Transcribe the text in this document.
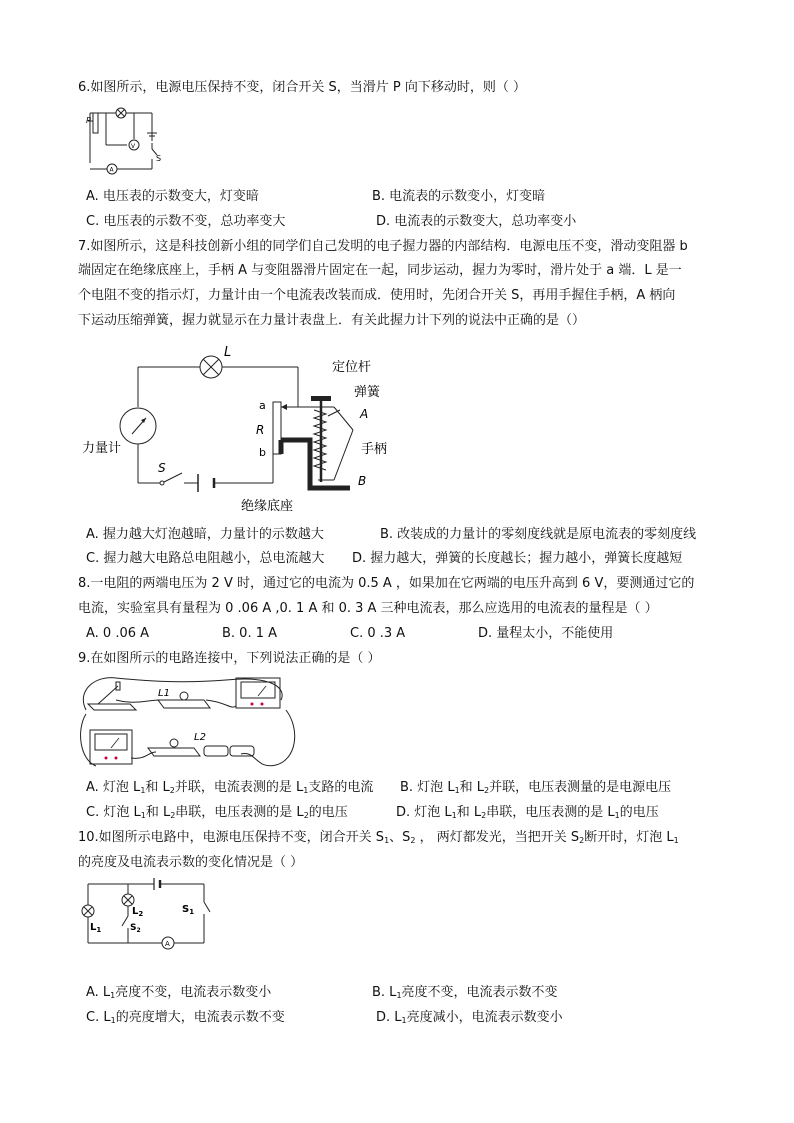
6.如图所示，电源电压保持不变，闭合开关 S，当滑片 P 向下移动时，则（ ）
P
V
S
A
A. 电压表的示数变大，灯变暗	B. 电流表的示数变小，灯变暗
C. 电压表的示数不变，总功率变大	D. 电流表的示数变大，总功率变小
7.如图所示，这是科技创新小组的同学们自己发明的电子握力器的内部结构．电源电压不变，滑动变阻器 b
端固定在绝缘底座上，手柄 A 与变阻器滑片固定在一起，同步运动，握力为零时，滑片处于 a 端．L 是一
个电阻不变的指示灯，力量计由一个电流表改装而成．使用时，先闭合开关 S，再用手握住手柄，A 柄向
下运动压缩弹簧，握力就显示在力量计表盘上．有关此握力计下列的说法中正确的是（）
L
力量计
S
a
R
b
定位杆
弹簧
A
手柄
B
绝缘底座
A. 握力越大灯泡越暗，力量计的示数越大	B. 改装成的力量计的零刻度线就是原电流表的零刻度线
C. 握力越大电路总电阻越小，总电流越大 D. 握力越大，弹簧的长度越长；握力越小，弹簧长度越短
8.一电阻的两端电压为 2 V 时，通过它的电流为 0.5 A ，如果加在它两端的电压升高到 6 V，要测通过它的
电流，实验室具有量程为 0 .06 A ,0. 1 A 和 0. 3 A 三种电流表，那么应选用的电流表的量程是（ ）
A. 0 .06 A	B. 0. 1 A	C. 0 .3 A	D. 量程太小，不能使用
9.在如图所示的电路连接中，下列说法正确的是（ ）
L1
L2
A. 灯泡 $L_1$和 $L_2$并联，电流表测的是 $L_1$支路的电流 B. 灯泡 $L_1$和 $L_2$并联，电压表测量的是电源电压
C. 灯泡 $L_1$和 $L_2$串联，电压表测的是 $L_2$的电压	D. 灯泡 $L_1$和 $L_2$串联，电压表测的是 $L_1$的电压
10.如图所示电路中，电源电压保持不变，闭合开关 $S_1$、$S_2$ ， 两灯都发光，当把开关 $S_2$断开时，灯泡 $L_1$
的亮度及电流表示数的变化情况是（ ）
$L_1$
$L_2$
$S_2$
$S_1$
A
A. $L_1$亮度不变，电流表示数变小	B. $L_1$亮度不变，电流表示数不变
C. $L_1$的亮度增大，电流表示数不变	D. $L_1$亮度减小，电流表示数变小
